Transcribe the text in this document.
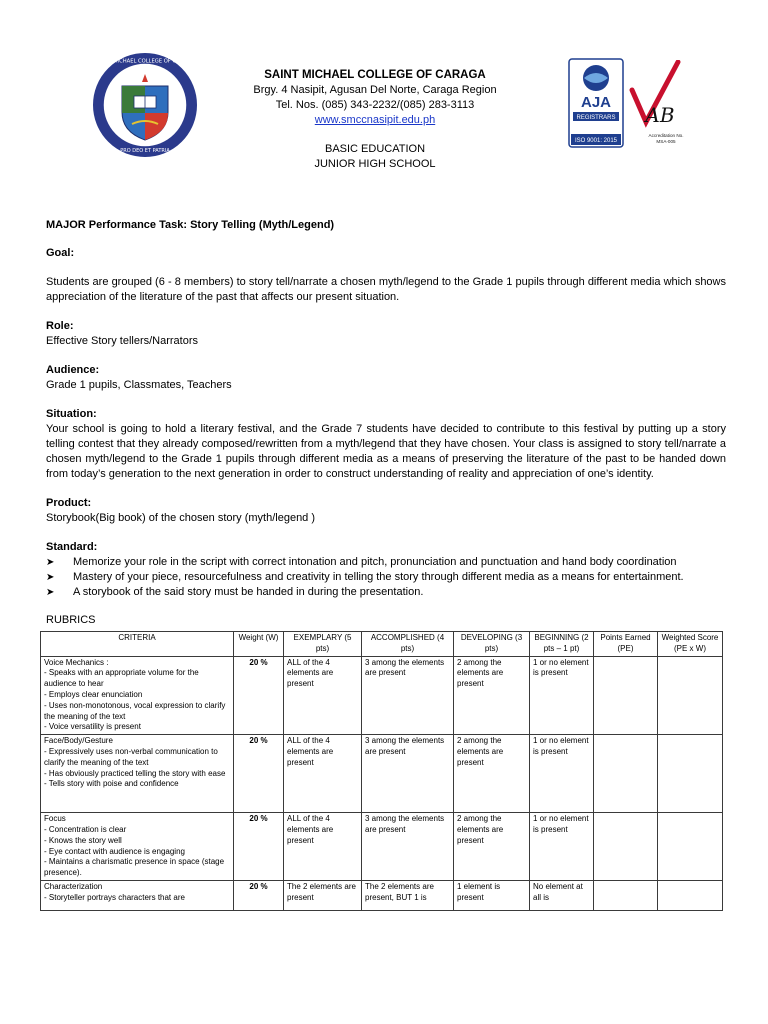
SAINT MICHAEL COLLEGE OF CARAGA
PRO DEO ET PATRIA
SAINT MICHAEL COLLEGE OF CARAGA
Brgy. 4 Nasipit, Agusan Del Norte, Caraga Region
Tel. Nos. (085) 343-2232/(085) 283-3113
www.smccnasipit.edu.ph
BASIC EDUCATION
JUNIOR HIGH SCHOOL
AJA
REGISTRARS
ISO 9001: 2015
AB
Accreditation No.
MSA-005

MAJOR Performance Task: Story Telling (Myth/Legend)

Goal:

Students are grouped (6 - 8 members) to story tell/narrate a chosen myth/legend to the Grade 1 pupils through different media which shows appreciation of the literature of the past that affects our present situation.

Role:

Effective Story tellers/Narrators

Audience:

Grade 1 pupils, Classmates, Teachers

Situation:

Your school is going to hold a literary festival, and the Grade 7 students have decided to contribute to this festival by putting up a story telling contest that they already composed/rewritten from a myth/legend that they have chosen. Your class is assigned to story tell/narrate a chosen myth/legend to the Grade 1 pupils through different media as a means of preserving the literature of the past to be handed down from today’s generation to the next generation in order to construct understanding of reality and appreciation of one’s identity.

Product:

Storybook(Big book) of the chosen story (myth/legend )

Standard:

➤ Memorize your role in the script with correct intonation and pitch, pronunciation and punctuation and hand body coordination
➤ Mastery of your piece, resourcefulness and creativity in telling the story through different media as a means for entertainment.
➤ A storybook of the said story must be handed in during the presentation.

RUBRICS

CRITERIA	Weight (W)	EXEMPLARY (5 pts)	ACCOMPLISHED (4 pts)	DEVELOPING (3 pts)	BEGINNING (2 pts – 1 pt)	Points Earned (PE)	Weighted Score (PE x W)

Voice Mechanics :
- Speaks with an appropriate volume for the audience to hear
- Employs clear enunciation
- Uses non-monotonous, vocal expression to clarify the meaning of the text
- Voice versatility is present	20 %	ALL of the 4 elements are present	3 among the elements are present	2 among the elements are present	1 or no element is present		

Face/Body/Gesture
- Expressively uses non-verbal communication to clarify the meaning of the text
- Has obviously practiced telling the story with ease
- Tells story with poise and confidence	20 %	ALL of the 4 elements are present	3 among the elements are present	2 among the elements are present	1 or no element is present		

Focus
- Concentration is clear
- Knows the story well
- Eye contact with audience is engaging
- Maintains a charismatic presence in space (stage presence).	20 %	ALL of the 4 elements are present	3 among the elements are present	2 among the elements are present	1 or no element is present		

Characterization
- Storyteller portrays characters that are	20 %	The 2 elements are present	The 2 elements are present, BUT 1 is	1 element is present	No element at all is		
